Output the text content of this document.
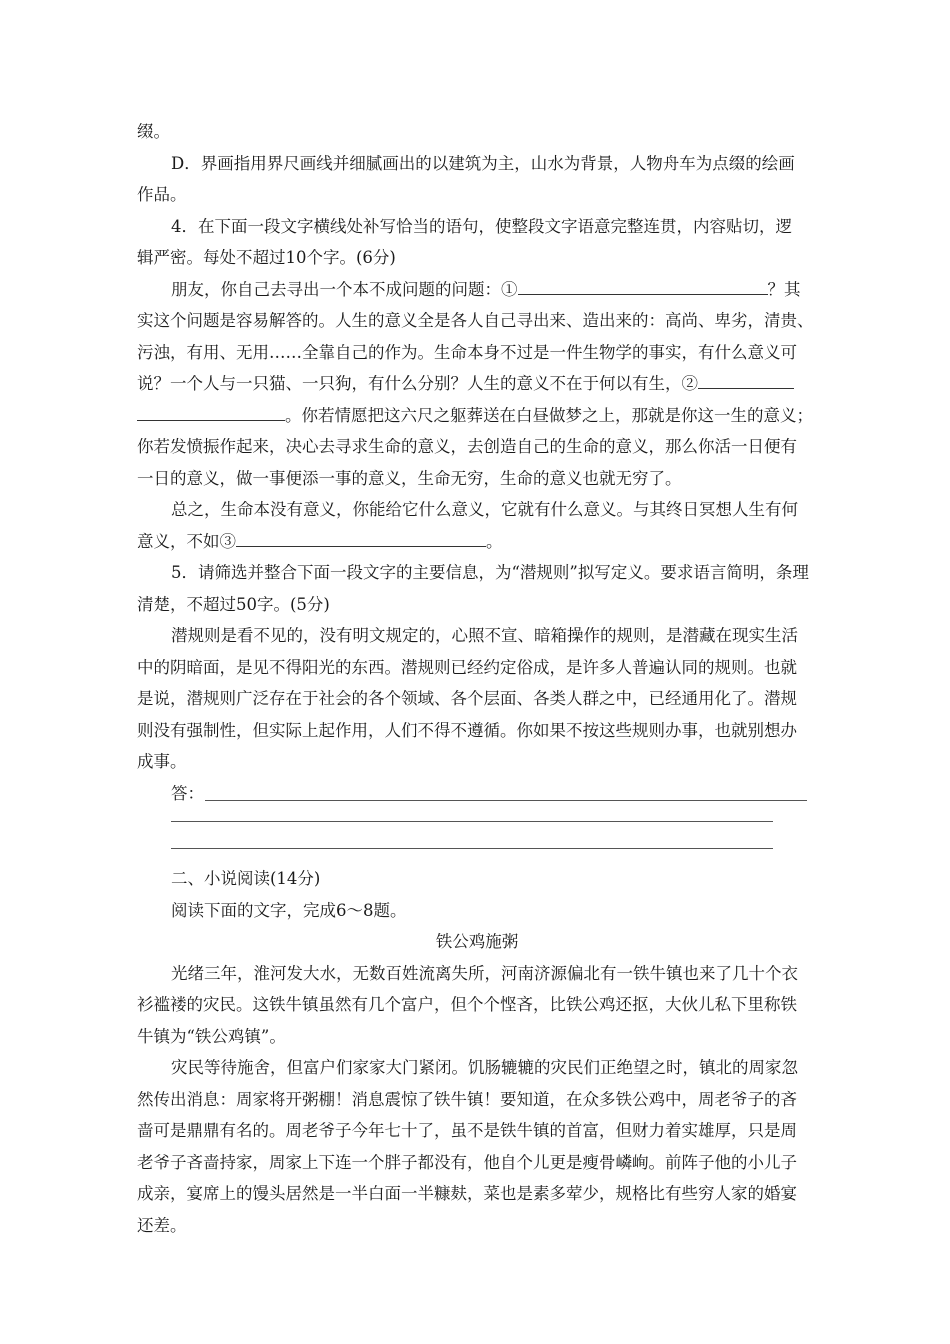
缀。
D．界画指用界尺画线并细腻画出的以建筑为主，山水为背景，人物舟车为点缀的绘画
作品。
4．在下面一段文字横线处补写恰当的语句，使整段文字语意完整连贯，内容贴切，逻
辑严密。每处不超过10个字。(6分)
朋友，你自己去寻出一个本不成问题的问题：①	？其
实这个问题是容易解答的。人生的意义全是各人自己寻出来、造出来的：高尚、卑劣，清贵、
污浊，有用、无用……全靠自己的作为。生命本身不过是一件生物学的事实，有什么意义可
说？一个人与一只猫、一只狗，有什么分别？人生的意义不在于何以有生，②
。你若情愿把这六尺之躯葬送在白昼做梦之上，那就是你这一生的意义；
你若发愤振作起来，决心去寻求生命的意义，去创造自己的生命的意义，那么你活一日便有
一日的意义，做一事便添一事的意义，生命无穷，生命的意义也就无穷了。
总之，生命本没有意义，你能给它什么意义，它就有什么意义。与其终日冥想人生有何
意义，不如③	。
5．请筛选并整合下面一段文字的主要信息，为“潜规则”拟写定义。要求语言简明，条理
清楚，不超过50字。(5分)
潜规则是看不见的，没有明文规定的，心照不宣、暗箱操作的规则，是潜藏在现实生活
中的阴暗面，是见不得阳光的东西。潜规则已经约定俗成，是许多人普遍认同的规则。也就
是说，潜规则广泛存在于社会的各个领域、各个层面、各类人群之中，已经通用化了。潜规
则没有强制性，但实际上起作用，人们不得不遵循。你如果不按这些规则办事，也就别想办
成事。
答：
二、小说阅读(14分)
阅读下面的文字，完成6～8题。
铁公鸡施粥
光绪三年，淮河发大水，无数百姓流离失所，河南济源偏北有一铁牛镇也来了几十个衣
衫褴褛的灾民。这铁牛镇虽然有几个富户，但个个悭吝，比铁公鸡还抠，大伙儿私下里称铁
牛镇为“铁公鸡镇”。
灾民等待施舍，但富户们家家大门紧闭。饥肠辘辘的灾民们正绝望之时，镇北的周家忽
然传出消息：周家将开粥棚！消息震惊了铁牛镇！要知道，在众多铁公鸡中，周老爷子的吝
啬可是鼎鼎有名的。周老爷子今年七十了，虽不是铁牛镇的首富，但财力着实雄厚，只是周
老爷子吝啬持家，周家上下连一个胖子都没有，他自个儿更是瘦骨嶙峋。前阵子他的小儿子
成亲，宴席上的馒头居然是一半白面一半糠麸，菜也是素多荤少，规格比有些穷人家的婚宴
还差。
